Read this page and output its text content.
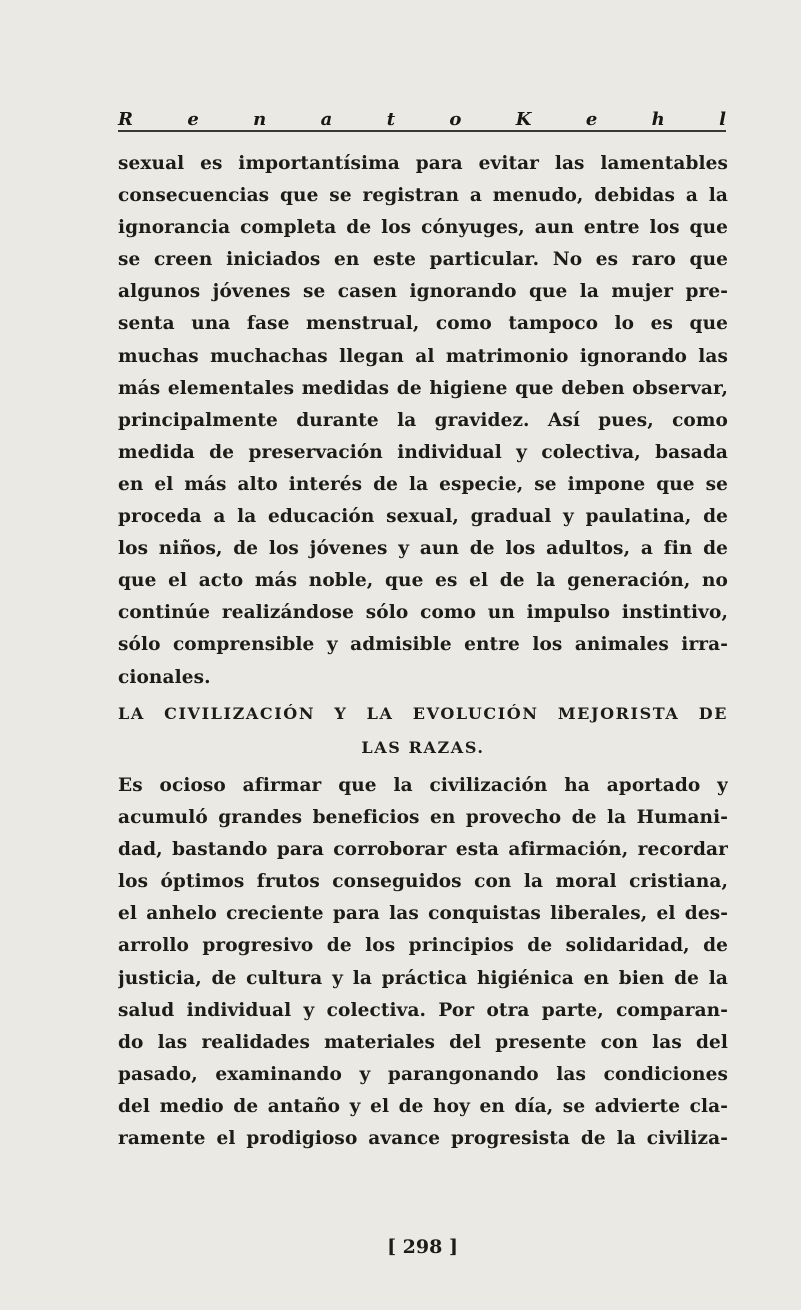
R	e	n	a	t	o	K	e	h	l
sexual es importantísima para evitar las lamentables
consecuencias que se registran a menudo, debidas a la
ignorancia completa de los cónyuges, aun entre los que
se creen iniciados en este particular. No es raro que
algunos jóvenes se casen ignorando que la mujer pre-
senta una fase menstrual, como tampoco lo es que
muchas muchachas llegan al matrimonio ignorando las
más elementales medidas de higiene que deben observar,
principalmente durante la gravidez. Así pues, como
medida de preservación individual y colectiva, basada
en el más alto interés de la especie, se impone que se
proceda a la educación sexual, gradual y paulatina, de
los niños, de los jóvenes y aun de los adultos, a fin de
que el acto más noble, que es el de la generación, no
continúe realizándose sólo como un impulso instintivo,
sólo comprensible y admisible entre los animales irra-
cionales.
LA CIVILIZACIÓN Y LA EVOLUCIÓN MEJORISTA DE
LAS RAZAS.
Es ocioso afirmar que la civilización ha aportado y
acumuló grandes beneficios en provecho de la Humani-
dad, bastando para corroborar esta afirmación, recordar
los óptimos frutos conseguidos con la moral cristiana,
el anhelo creciente para las conquistas liberales, el des-
arrollo progresivo de los principios de solidaridad, de
justicia, de cultura y la práctica higiénica en bien de la
salud individual y colectiva. Por otra parte, comparan-
do las realidades materiales del presente con las del
pasado, examinando y parangonando las condiciones
del medio de antaño y el de hoy en día, se advierte cla-
ramente el prodigioso avance progresista de la civiliza-
[ 298 ]
